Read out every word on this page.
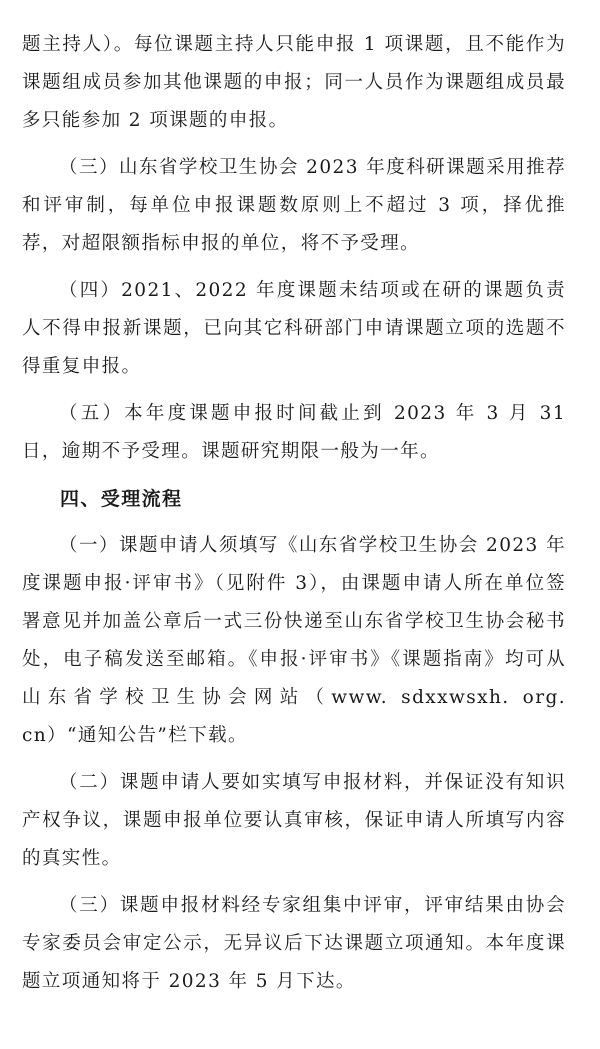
题主持人）。每位课题主持人只能申报 1 项课题，且不能作为课题组成员参加其他课题的申报；同一人员作为课题组成员最多只能参加 2 项课题的申报。

（三）山东省学校卫生协会 2023 年度科研课题采用推荐和评审制，每单位申报课题数原则上不超过 3 项，择优推荐，对超限额指标申报的单位，将不予受理。

（四）2021、2022 年度课题未结项或在研的课题负责人不得申报新课题，已向其它科研部门申请课题立项的选题不得重复申报。

（五）本年度课题申报时间截止到 2023 年 3 月 31 日，逾期不予受理。课题研究期限一般为一年。

四、受理流程

（一）课题申请人须填写《山东省学校卫生协会 2023 年度课题申报·评审书》（见附件 3），由课题申请人所在单位签署意见并加盖公章后一式三份快递至山东省学校卫生协会秘书处，电子稿发送至邮箱。《申报·评审书》《课题指南》均可从山东省学校卫生协会网站（www. sdxxwsxh. org. cn）“通知公告”栏下载。

（二）课题申请人要如实填写申报材料，并保证没有知识产权争议，课题申报单位要认真审核，保证申请人所填写内容的真实性。

（三）课题申报材料经专家组集中评审，评审结果由协会专家委员会审定公示，无异议后下达课题立项通知。本年度课题立项通知将于 2023 年 5 月下达。
